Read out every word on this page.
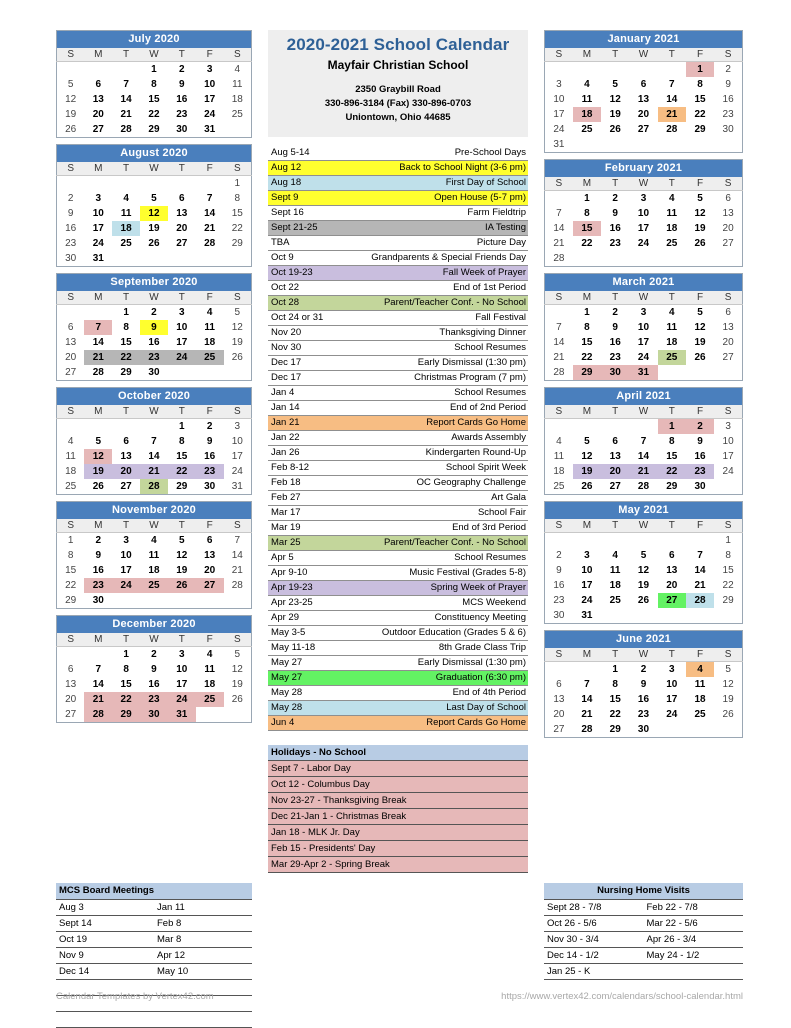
July 2020						
S	M	T	W	T	F	S
			1	2	3	4
5	6	7	8	9	10	11
12	13	14	15	16	17	18
19	20	21	22	23	24	25
26	27	28	29	30	31	
August 2020						
S	M	T	W	T	F	S
						1
2	3	4	5	6	7	8
9	10	11	12	13	14	15
16	17	18	19	20	21	22
23	24	25	26	27	28	29
30	31					
September 2020						
S	M	T	W	T	F	S
		1	2	3	4	5
6	7	8	9	10	11	12
13	14	15	16	17	18	19
20	21	22	23	24	25	26
27	28	29	30			
October 2020						
S	M	T	W	T	F	S
				1	2	3
4	5	6	7	8	9	10
11	12	13	14	15	16	17
18	19	20	21	22	23	24
25	26	27	28	29	30	31
November 2020						
S	M	T	W	T	F	S
1	2	3	4	5	6	7
8	9	10	11	12	13	14
15	16	17	18	19	20	21
22	23	24	25	26	27	28
29	30					
December 2020						
S	M	T	W	T	F	S
		1	2	3	4	5
6	7	8	9	10	11	12
13	14	15	16	17	18	19
20	21	22	23	24	25	26
27	28	29	30	31		
2020-2021 School Calendar
Mayfair Christian School
2350 Graybill Road
330-896-3184 (Fax) 330-896-0703
Uniontown, Ohio 44685
Aug 5-14	Pre-School Days
Aug 12	Back to School Night (3-6 pm)
Aug 18	First Day of School
Sept 9	Open House (5-7 pm)
Sept 16	Farm Fieldtrip
Sept 21-25	IA Testing
TBA	Picture Day
Oct 9	Grandparents & Special Friends Day
Oct 19-23	Fall Week of Prayer
Oct 22	End of 1st Period
Oct 28	Parent/Teacher Conf. - No School
Oct 24 or 31	Fall Festival
Nov 20	Thanksgiving Dinner
Nov 30	School Resumes
Dec 17	Early Dismissal (1:30 pm)
Dec 17	Christmas Program (7 pm)
Jan 4	School Resumes
Jan 14	End of 2nd Period
Jan 21	Report Cards Go Home
Jan 22	Awards Assembly
Jan 26	Kindergarten Round-Up
Feb 8-12	School Spirit Week
Feb 18	OC Geography Challenge
Feb 27	Art Gala
Mar 17	School Fair
Mar 19	End of 3rd Period
Mar 25	Parent/Teacher Conf. - No School
Apr 5	School Resumes
Apr 9-10	Music Festival (Grades 5-8)
Apr 19-23	Spring Week of Prayer
Apr 23-25	MCS Weekend
Apr 29	Constituency Meeting
May 3-5	Outdoor Education (Grades 5 & 6)
May 11-18	8th Grade Class Trip
May 27	Early Dismissal (1:30 pm)
May 27	Graduation (6:30 pm)
May 28	End of 4th Period
May 28	Last Day of School
Jun 4	Report Cards Go Home
Holidays - No School
Sept 7 - Labor Day
Oct 12 - Columbus Day
Nov 23-27 - Thanksgiving Break
Dec 21-Jan 1 - Christmas Break
Jan 18 - MLK Jr. Day
Feb 15 - Presidents' Day
Mar 29-Apr 2 - Spring Break
January 2021						
S	M	T	W	T	F	S
					1	2
3	4	5	6	7	8	9
10	11	12	13	14	15	16
17	18	19	20	21	22	23
24	25	26	27	28	29	30
31						
February 2021						
S	M	T	W	T	F	S
	1	2	3	4	5	6
7	8	9	10	11	12	13
14	15	16	17	18	19	20
21	22	23	24	25	26	27
28						
March 2021						
S	M	T	W	T	F	S
	1	2	3	4	5	6
7	8	9	10	11	12	13
14	15	16	17	18	19	20
21	22	23	24	25	26	27
28	29	30	31			
April 2021						
S	M	T	W	T	F	S
				1	2	3
4	5	6	7	8	9	10
11	12	13	14	15	16	17
18	19	20	21	22	23	24
25	26	27	28	29	30	
May 2021						
S	M	T	W	T	F	S
						1
2	3	4	5	6	7	8
9	10	11	12	13	14	15
16	17	18	19	20	21	22
23	24	25	26	27	28	29
30	31					
June 2021						
S	M	T	W	T	F	S
		1	2	3	4	5
6	7	8	9	10	11	12
13	14	15	16	17	18	19
20	21	22	23	24	25	26
27	28	29	30			
MCS Board Meetings	
Aug 3	Jan 11
Sept 14	Feb 8
Oct 19	Mar 8
Nov 9	Apr 12
Dec 14	May 10

Nursing Home Visits	
Sept 28 - 7/8	Feb 22 - 7/8
Oct 26 - 5/6	Mar 22 - 5/6
Nov 30 - 3/4	Apr 26 - 3/4
Dec 14 - 1/2	May 24 - 1/2
Jan 25 - K	
Calendar Templates by Vertex42.com	https://www.vertex42.com/calendars/school-calendar.html
